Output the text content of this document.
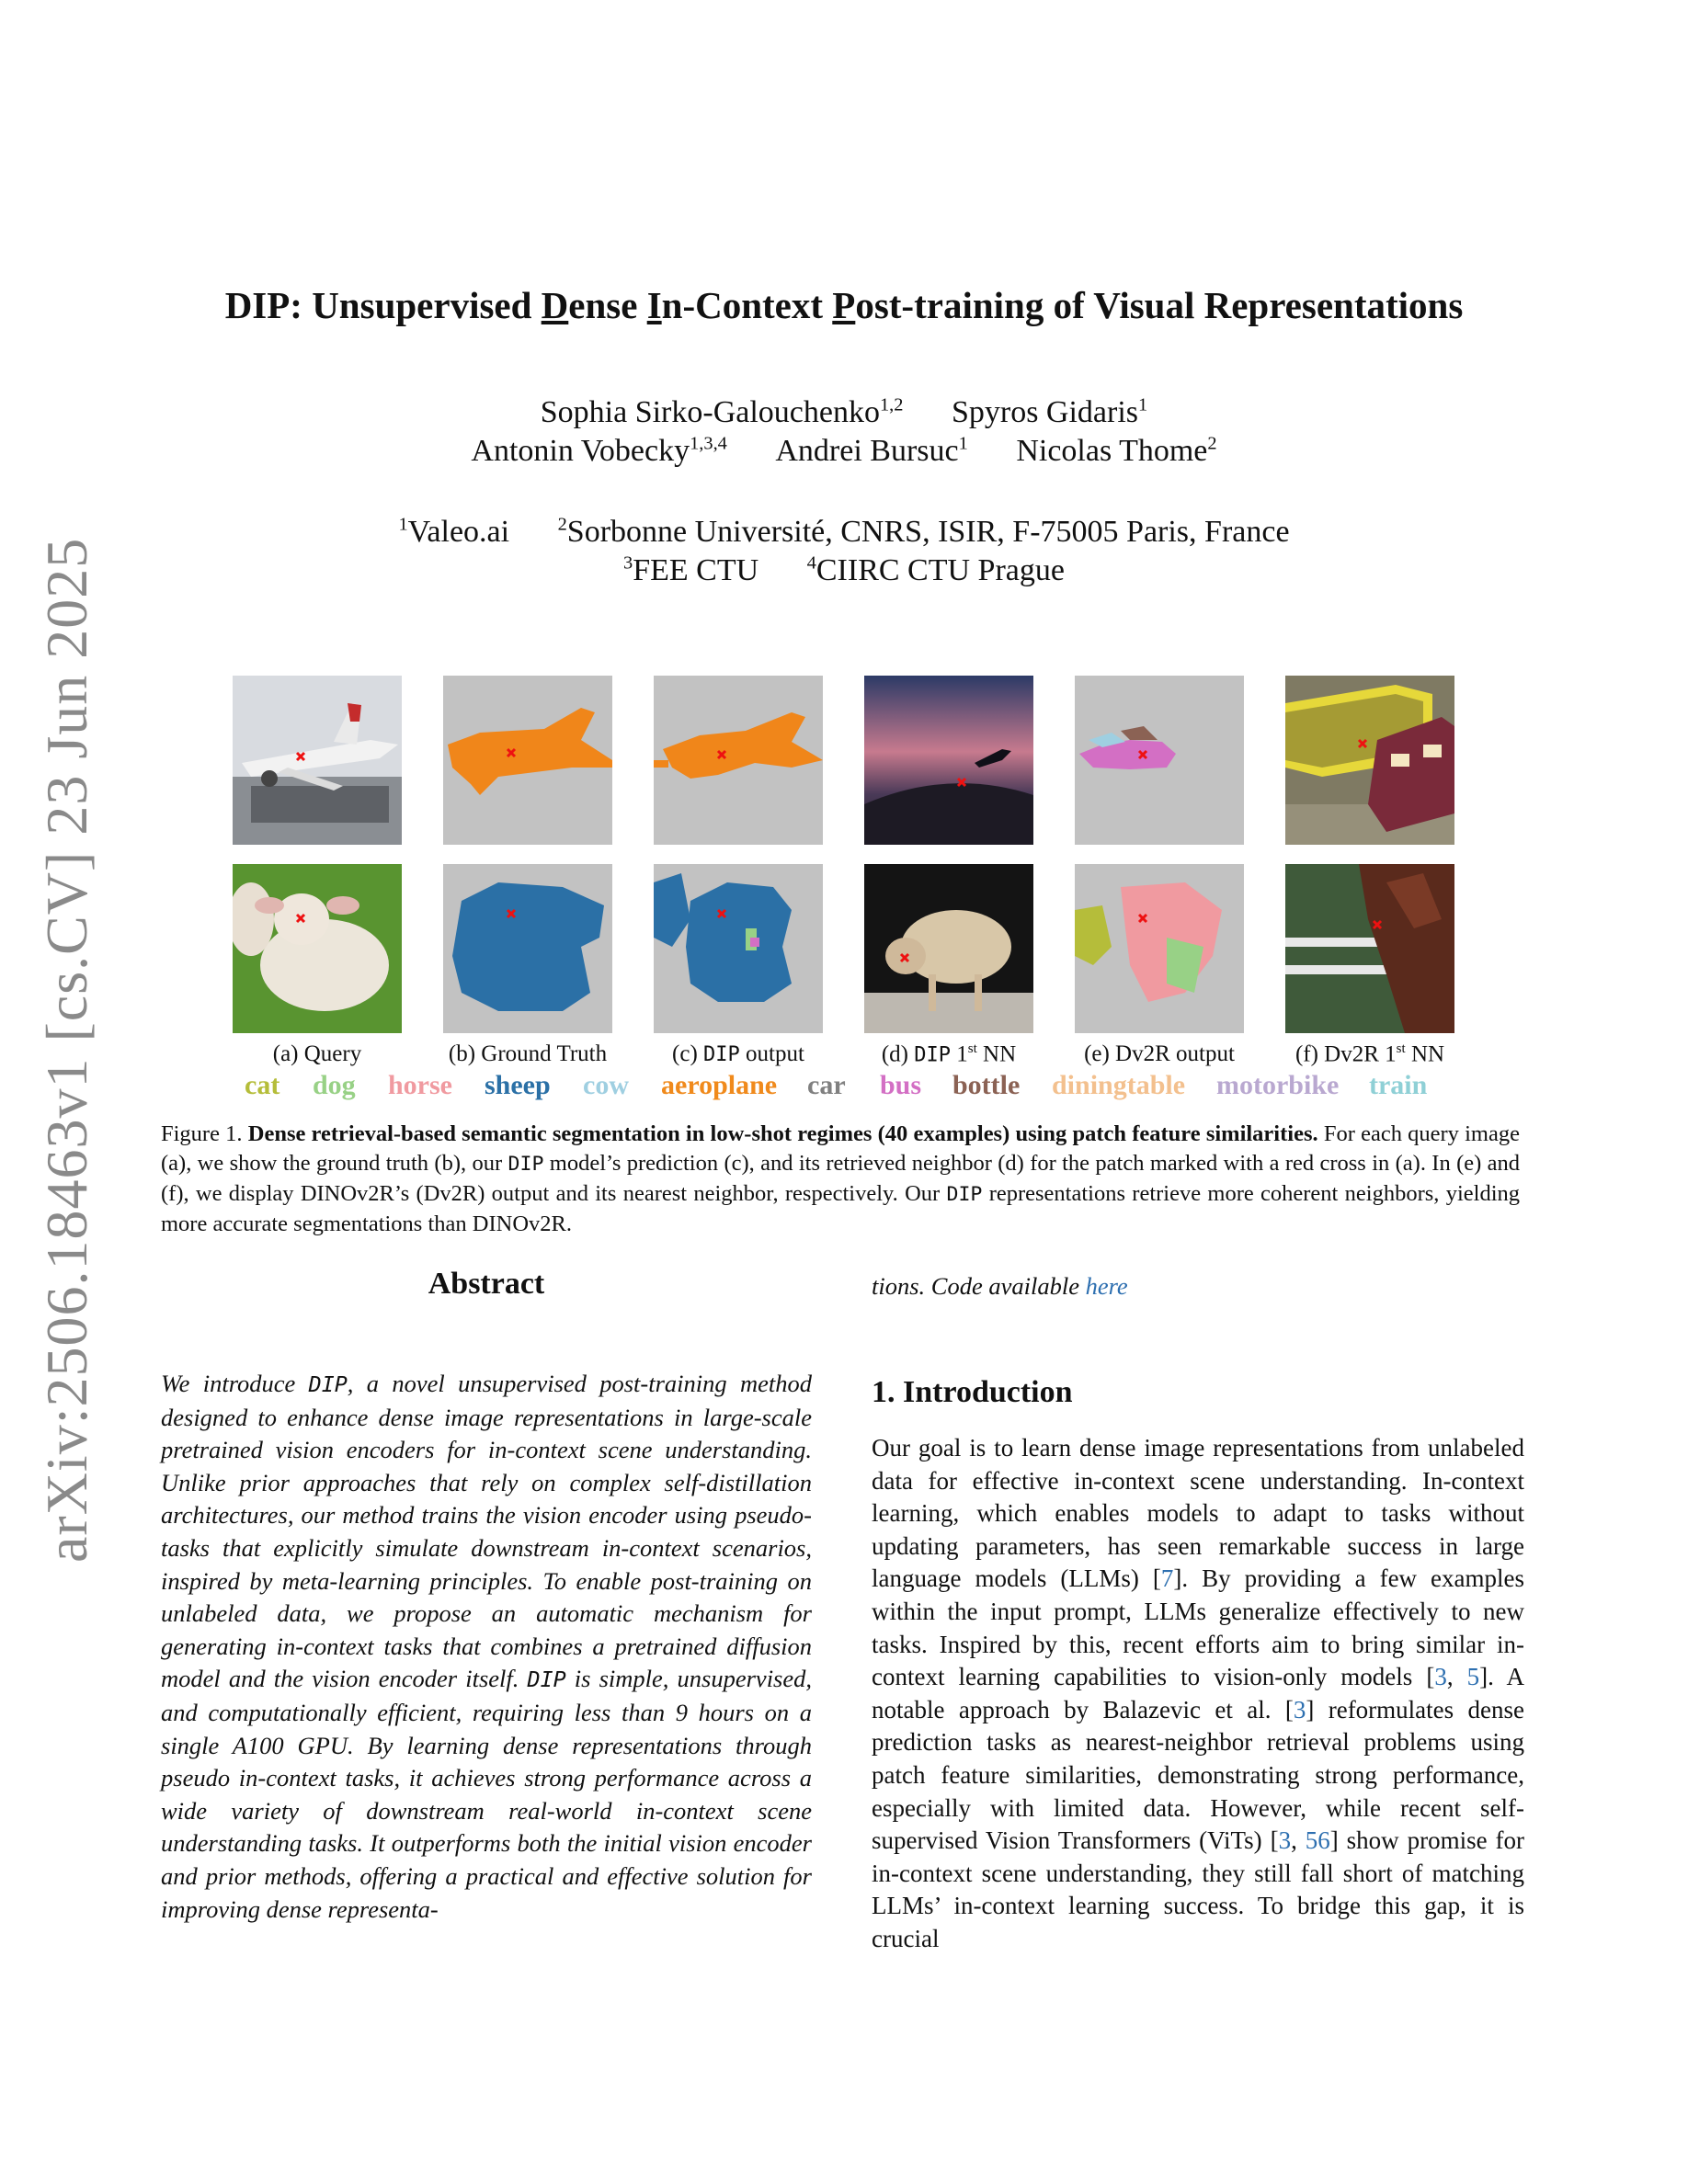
arXiv:2506.18463v1 [cs.CV] 23 Jun 2025
DIP: Unsupervised Dense In-Context Post-training of Visual Representations
Sophia Sirko-Galouchenko$^{1,2}$ Spyros Gidaris$^1$
Antonin Vobecky$^{1,3,4}$ Andrei Bursuc$^1$ Nicolas Thome$^2$
$^1$Valeo.ai	$^2$Sorbonne Université, CNRS, ISIR, F-75005 Paris, France
$^3$FEE CTU	$^4$CIIRC CTU Prague
(a) Query	(b) Ground Truth	(c) DIP output	(d) DIP 1st NN	(e) Dv2R output	(f) Dv2R 1st NN
cat dog horse sheep cow aeroplane car bus bottle diningtable motorbike train
Figure 1. Dense retrieval-based semantic segmentation in low-shot regimes (40 examples) using patch feature similarities. For each query image (a), we show the ground truth (b), our DIP model’s prediction (c), and its retrieved neighbor (d) for the patch marked with a red cross in (a). In (e) and (f), we display DINOv2R’s (Dv2R) output and its nearest neighbor, respectively. Our DIP representations retrieve more coherent neighbors, yielding more accurate segmentations than DINOv2R.
Abstract
We introduce DIP, a novel unsupervised post-training method designed to enhance dense image representations in large-scale pretrained vision encoders for in-context scene understanding. Unlike prior approaches that rely on complex self-distillation architectures, our method trains the vision encoder using pseudo-tasks that explicitly simulate downstream in-context scenarios, inspired by meta-learning principles. To enable post-training on unlabeled data, we propose an automatic mechanism for generating in-context tasks that combines a pretrained diffusion model and the vision encoder itself. DIP is simple, unsupervised, and computationally efficient, requiring less than 9 hours on a single A100 GPU. By learning dense representations through pseudo in-context tasks, it achieves strong performance across a wide variety of downstream real-world in-context scene understanding tasks. It outperforms both the initial vision encoder and prior methods, offering a practical and effective solution for improving dense representa-
tions. Code available here
1. Introduction
Our goal is to learn dense image representations from unlabeled data for effective in-context scene understanding. In-context learning, which enables models to adapt to tasks without updating parameters, has seen remarkable success in large language models (LLMs) [7]. By providing a few examples within the input prompt, LLMs generalize effectively to new tasks. Inspired by this, recent efforts aim to bring similar in-context learning capabilities to vision-only models [3, 5]. A notable approach by Balazevic et al. [3] reformulates dense prediction tasks as nearest-neighbor retrieval problems using patch feature similarities, demonstrating strong performance, especially with limited data. However, while recent self-supervised Vision Transformers (ViTs) [3, 56] show promise for in-context scene understanding, they still fall short of matching LLMs’ in-context learning success. To bridge this gap, it is crucial
